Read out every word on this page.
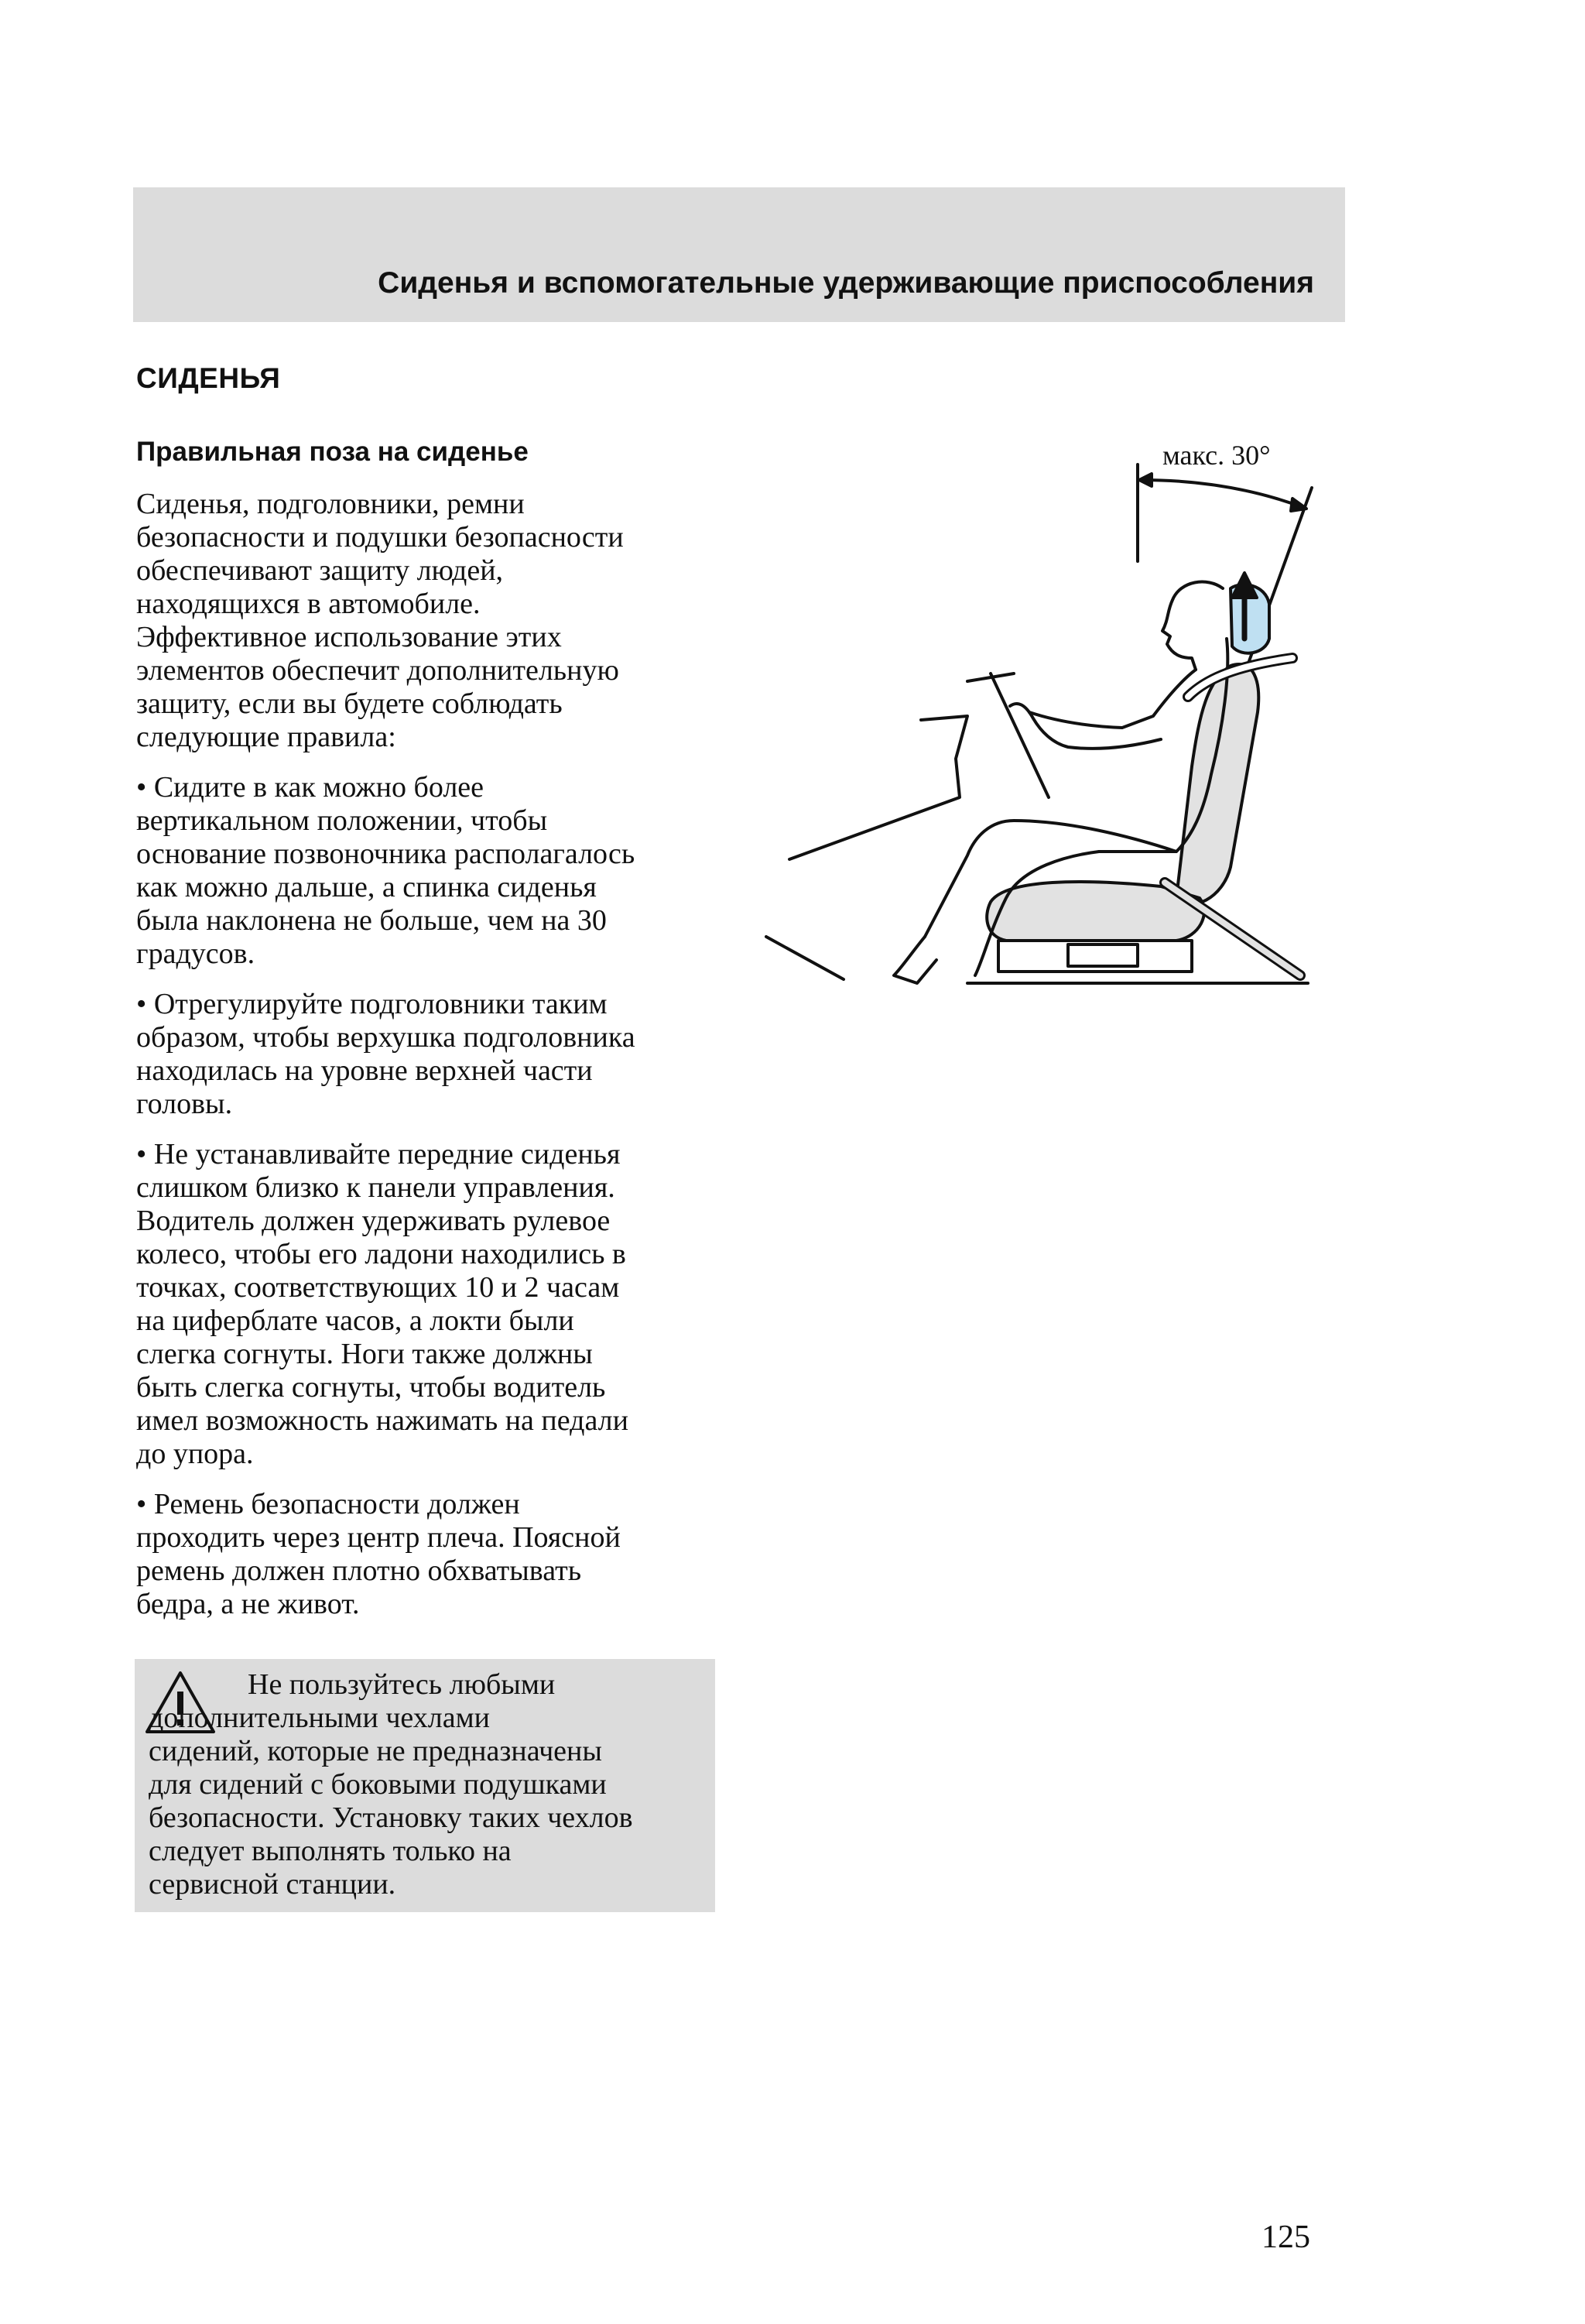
Сиденья и вспомогательные удерживающие приспособления
СИДЕНЬЯ
Правильная поза на сиденье

Сиденья, подголовники, ремни
безопасности и подушки безопасности
обеспечивают защиту людей,
находящихся в автомобиле.
Эффективное использование этих
элементов обеспечит дополнительную
защиту, если вы будете соблюдать
следующие правила:

• Сидите в как можно более
вертикальном положении, чтобы
основание позвоночника располагалось
как можно дальше, а спинка сиденья
была наклонена не больше, чем на 30
градусов.

• Отрегулируйте подголовники таким
образом, чтобы верхушка подголовника
находилась на уровне верхней части
головы.

• Не устанавливайте передние сиденья
слишком близко к панели управления.
Водитель должен удерживать рулевое
колесо, чтобы его ладони находились в
точках, соответствующих 10 и 2 часам
на циферблате часов, а локти были
слегка согнуты. Ноги также должны
быть слегка согнуты, чтобы водитель
имел возможность нажимать на педали
до упора.

• Ремень безопасности должен
проходить через центр плеча. Поясной
ремень должен плотно обхватывать
бедра, а не живот.

Не пользуйтесь любыми
дополнительными чехлами
сидений, которые не предназначены
для сидений с боковыми подушками
безопасности. Установку таких чехлов
следует выполнять только на
сервисной станции.
макс. 30°
125
